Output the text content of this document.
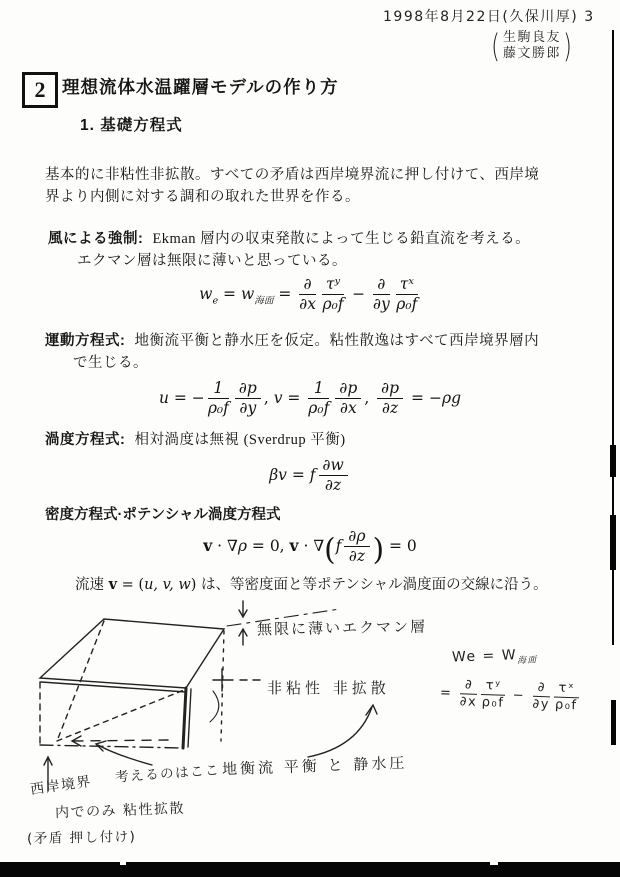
1998年8月22日(久保川厚) 3
( 生駒良友
藤文勝郎 )
2 理想流体水温躍層モデルの作り方
1. 基礎方程式
基本的に非粘性非拡散。すべての矛盾は西岸境界流に押し付けて、西岸境
界より内側に対する調和の取れた世界を作る。
風による強制: Ekman 層内の収束発散によって生じる鉛直流を考える。
エクマン層は無限に薄いと思っている。
$w_e = w_{海面} = \frac{\partial}{\partial x} \frac{\text{τʸ}}{\text{ρ₀f}} - \frac{\partial}{\partial y} \frac{\text{τˣ}}{\text{ρ₀f}}$
運動方程式: 地衡流平衡と静水圧を仮定。粘性散逸はすべて西岸境界層内
で生じる。
u = − $\frac{1}{\text{ρ₀f}} \frac{\partial p}{\partial y}$ , $v = \frac{1}{\text{ρ₀f}} \frac{\partial p}{\partial x}$ , $\frac{\partial p}{\partial z} = -\rho g$
渦度方程式: 相対渦度は無視 (Sverdrup 平衡)
βv = f $\frac{\partial w}{\partial z}$
密度方程式·ポテンシャル渦度方程式
v · ∇ρ = 0, $v \cdot \nabla(f \frac{\partial\rho}{\partial z}$ ) = 0
流速 v = (u, v, w) は、等密度面と等ポテンシャル渦度面の交線に沿う。
無限に薄いエクマン層
$We = W_{海面}$
= $\frac{\partial}{\partial x} \frac{\text{τʸ}}{\text{ρ₀f}} - \frac{\partial}{\partial y} \frac{\text{τˣ}}{\text{ρ₀f}}$
非粘性 非拡散
考えるのはここ 地衡流 平衡 と 静水圧
西岸境界
内でのみ 粘性拡散
(矛盾 押し付け)
